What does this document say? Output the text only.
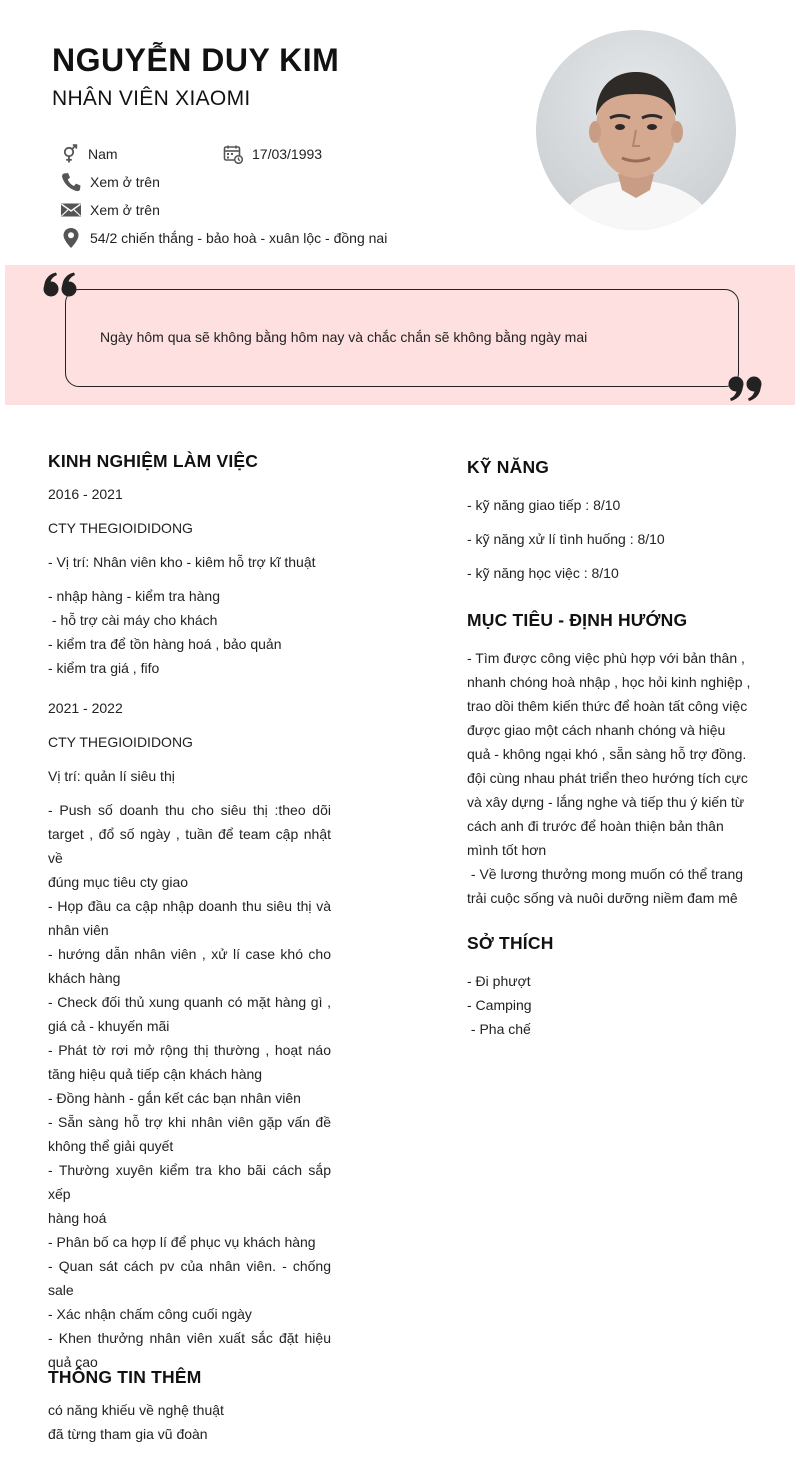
NGUYỄN DUY KIM
NHÂN VIÊN XIAOMI
Nam	17/03/1993
Xem ở trên
Xem ở trên
54/2 chiến thắng - bảo hoà - xuân lộc - đồng nai
Ngày hôm qua sẽ không bằng hôm nay và chắc chắn sẽ không bằng ngày mai
KINH NGHIỆM LÀM VIỆC
2016 - 2021
CTY THEGIOIDIDONG
- Vị trí: Nhân viên kho - kiêm hỗ trợ kĩ thuật
- nhập hàng - kiểm tra hàng
- hỗ trợ cài máy cho khách
- kiểm tra để tồn hàng hoá , bảo quản
- kiểm tra giá , fifo
2021 - 2022
CTY THEGIOIDIDONG
Vị trí: quản lí siêu thị
- Push số doanh thu cho siêu thị :theo dõi
target , đổ số ngày , tuần để team cập nhật về
đúng mục tiêu cty giao
- Họp đầu ca cập nhập doanh thu siêu thị và
nhân viên
- hướng dẫn nhân viên , xử lí case khó cho
khách hàng
- Check đối thủ xung quanh có mặt hàng gì ,
giá cả - khuyến mãi
- Phát tờ rơi mở rộng thị thường , hoạt náo
tăng hiệu quả tiếp cận khách hàng
- Đồng hành - gắn kết các bạn nhân viên
- Sẵn sàng hỗ trợ khi nhân viên gặp vấn đề
không thể giải quyết
- Thường xuyên kiểm tra kho bãi cách sắp xếp
hàng hoá
- Phân bố ca hợp lí để phục vụ khách hàng
- Quan sát cách pv của nhân viên. - chống sale
- Xác nhận chấm công cuối ngày
- Khen thưởng nhân viên xuất sắc đặt hiệu
quả cao
KỸ NĂNG
- kỹ năng giao tiếp : 8/10
- kỹ năng xử lí tình huống : 8/10
- kỹ năng học việc : 8/10
MỤC TIÊU - ĐỊNH HƯỚNG
- Tìm được công việc phù hợp với bản thân ,
nhanh chóng hoà nhập , học hỏi kinh nghiệp ,
trao dồi thêm kiến thức để hoàn tất công việc
được giao một cách nhanh chóng và hiệu
quả - không ngại khó , sẵn sàng hỗ trợ đồng.
đội cùng nhau phát triển theo hướng tích cực
và xây dựng - lắng nghe và tiếp thu ý kiến từ
cách anh đi trước để hoàn thiện bản thân
mình tốt hơn
- Về lương thưởng mong muốn có thể trang
trải cuộc sống và nuôi dưỡng niềm đam mê
SỞ THÍCH
- Đi phượt
- Camping
- Pha chế
THÔNG TIN THÊM
có năng khiếu về nghệ thuật
đã từng tham gia vũ đoàn
